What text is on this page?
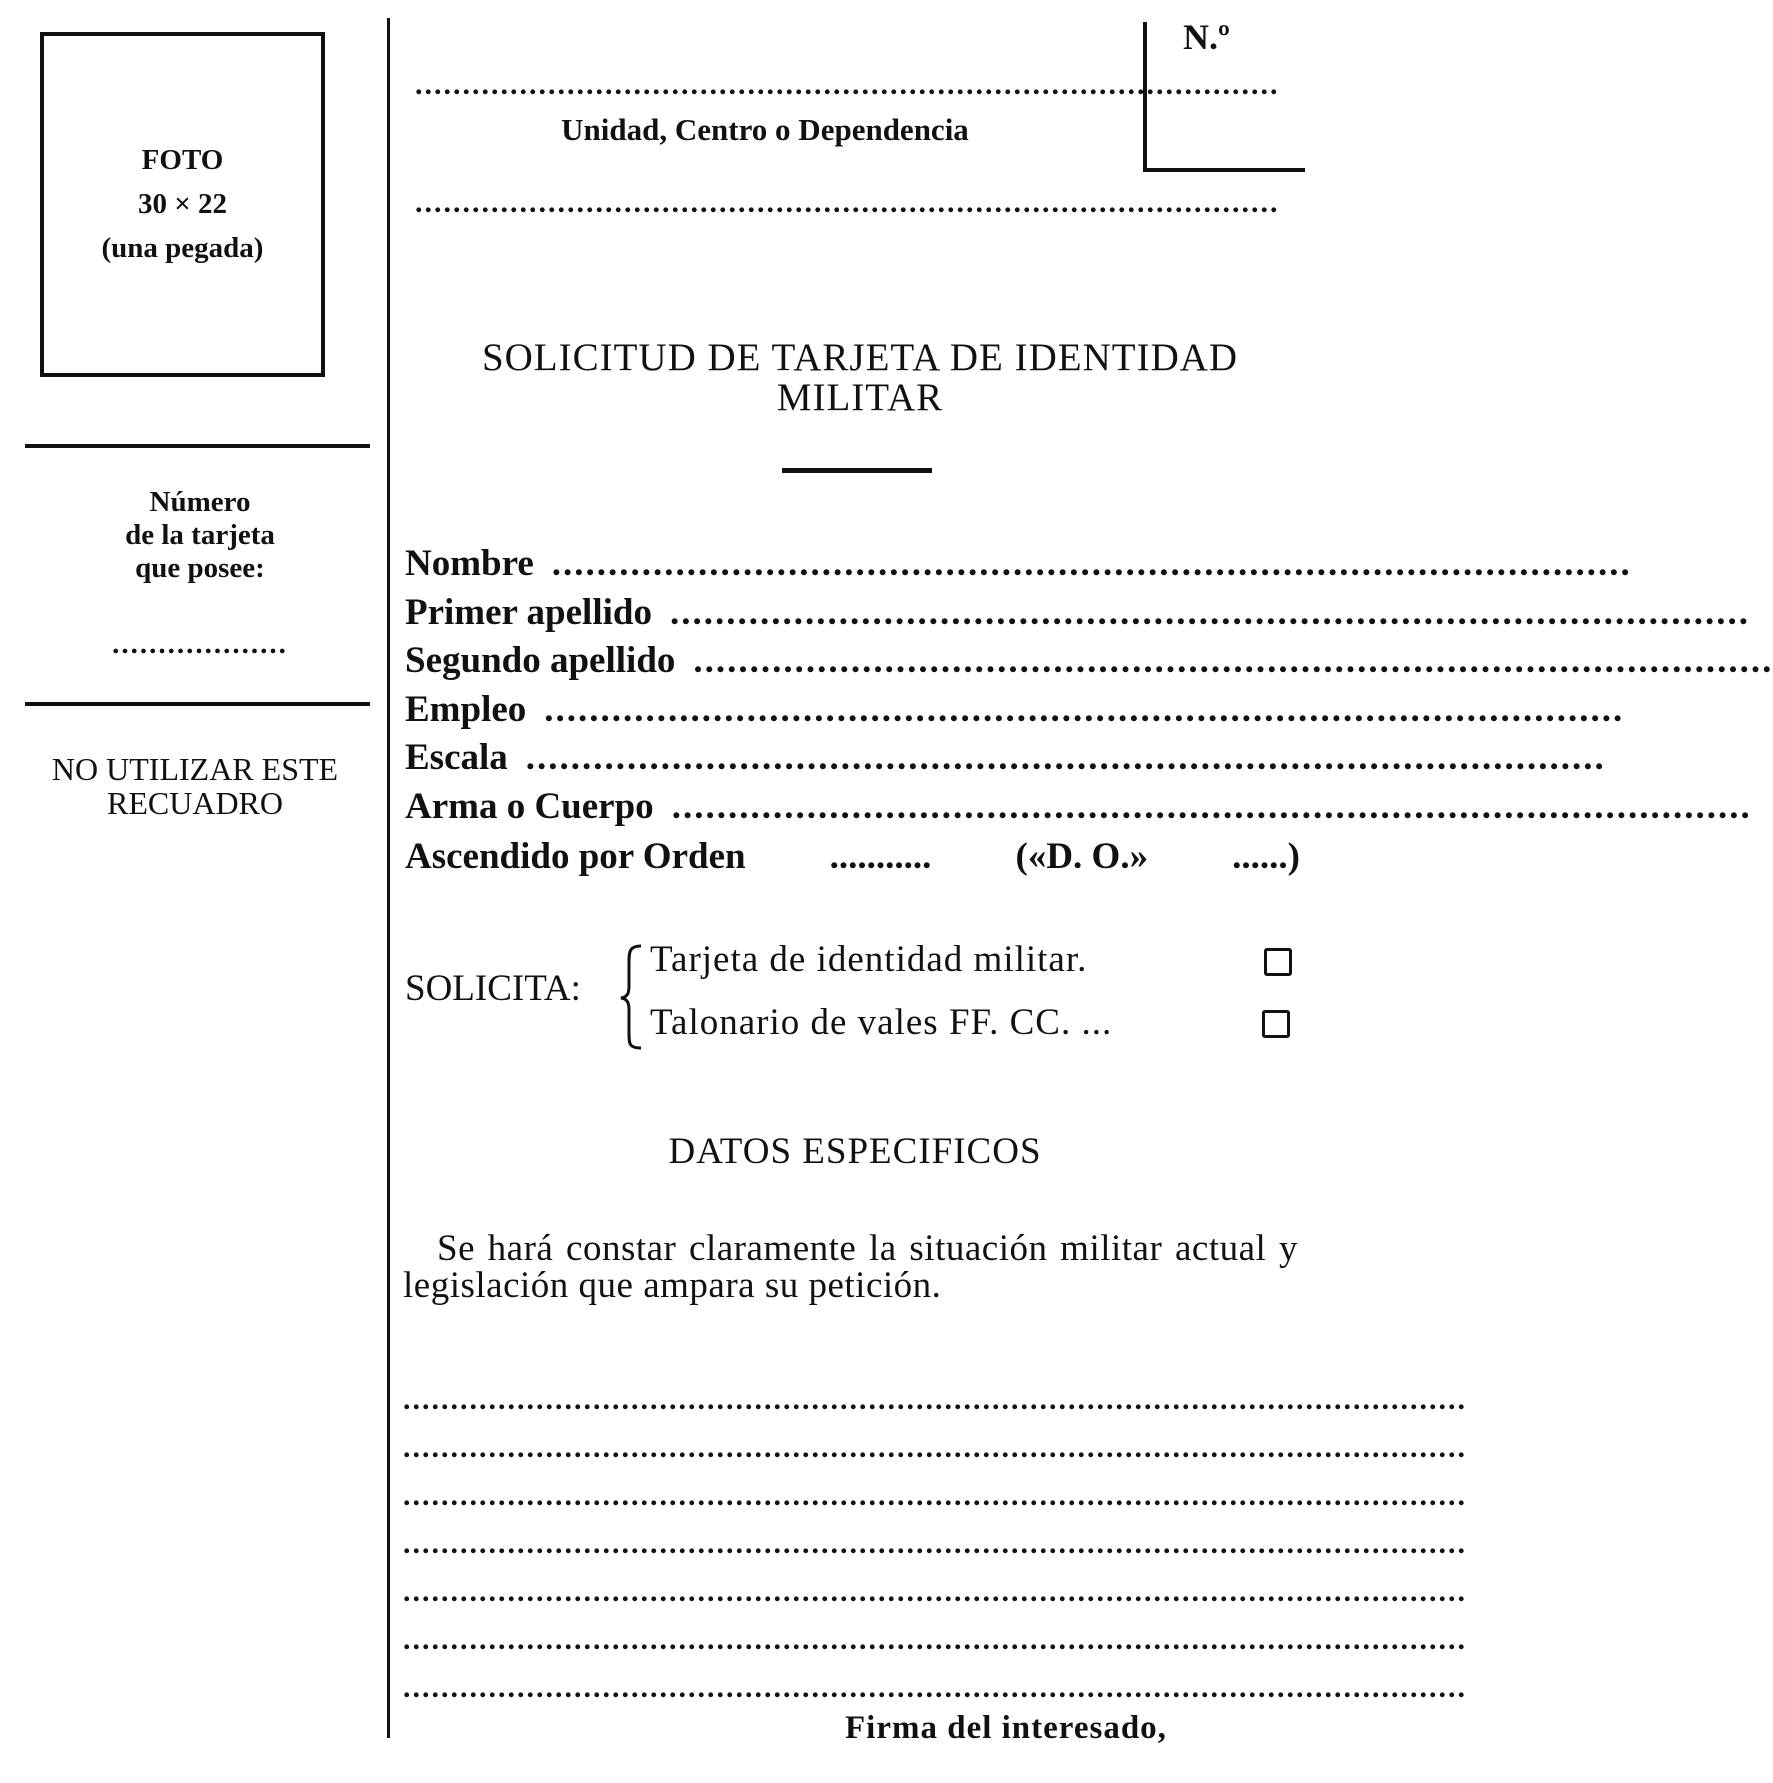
FOTO
30 × 22
(una pegada)
Número
de la tarjeta
que posee:
...................
NO UTILIZAR ESTE
RECUADRO
...........................................................................................
Unidad, Centro o Dependencia
...........................................................................................
N.º
SOLICITUD DE TARJETA DE IDENTIDAD
MILITAR
Nombre ................................................................................................
Primer apellido ................................................................................................
Segundo apellido ................................................................................................
Empleo ................................................................................................
Escala ................................................................................................
Arma o Cuerpo ................................................................................................
Ascendido por Orden ........... («D. O.» ......)
SOLICITA:
Tarjeta de identidad militar.
Talonario de vales FF. CC. ...
DATOS ESPECIFICOS
Se hará constar claramente la situación militar actual y legislación que ampara su petición.
................................................................................................................
................................................................................................................
................................................................................................................
................................................................................................................
................................................................................................................
................................................................................................................
................................................................................................................
Firma del interesado,
